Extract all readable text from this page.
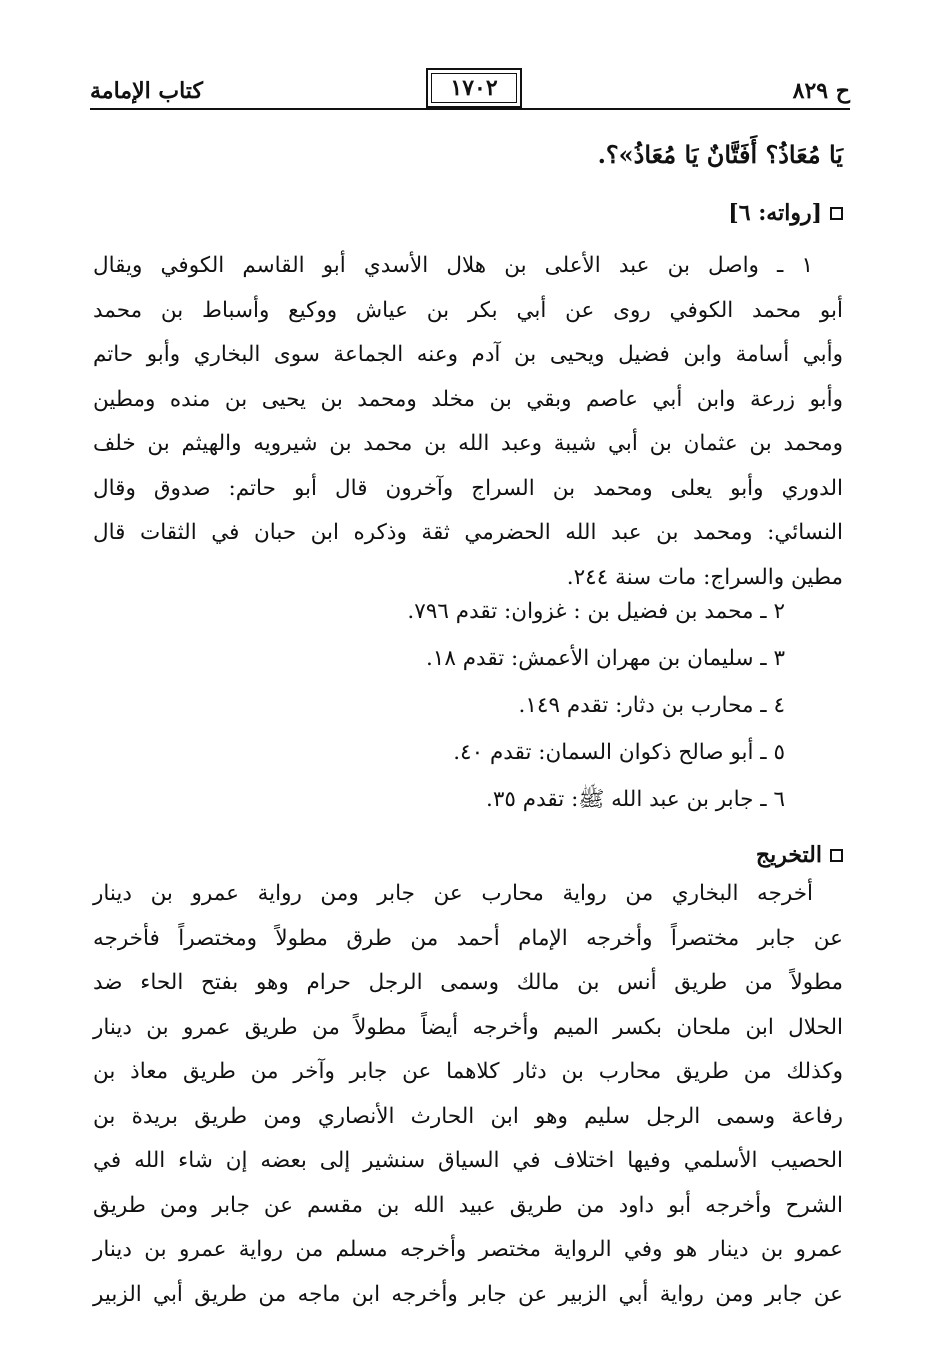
ح ٨٢٩
١٧٠٢
كتاب الإمامة
يَا مُعَاذُ؟ أَفَتَّانٌ يَا مُعَاذُ»؟.
[رواته: ٦]
١ ـ واصل بن عبد الأعلى بن هلال الأسدي أبو القاسم الكوفي ويقال
أبو محمد الكوفي روى عن أبي بكر بن عياش ووكيع وأسباط بن محمد
وأبي أسامة وابن فضيل ويحيى بن آدم وعنه الجماعة سوى البخاري وأبو حاتم
وأبو زرعة وابن أبي عاصم وبقي بن مخلد ومحمد بن يحيى بن منده ومطين
ومحمد بن عثمان بن أبي شيبة وعبد الله بن محمد بن شيرويه والهيثم بن خلف
الدوري وأبو يعلى ومحمد بن السراج وآخرون قال أبو حاتم: صدوق وقال
النسائي: ومحمد بن عبد الله الحضرمي ثقة وذكره ابن حبان في الثقات قال
مطين والسراج: مات سنة ٢٤٤.
٢ ـ محمد بن فضيل بن : غزوان: تقدم ٧٩٦.
٣ ـ سليمان بن مهران الأعمش: تقدم ١٨.
٤ ـ محارب بن دثار: تقدم ١٤٩.
٥ ـ أبو صالح ذكوان السمان: تقدم ٤٠.
٦ ـ جابر بن عبد الله ﷺ: تقدم ٣٥.
التخريج
أخرجه البخاري من رواية محارب عن جابر ومن رواية عمرو بن دينار
عن جابر مختصراً وأخرجه الإمام أحمد من طرق مطولاً ومختصراً فأخرجه
مطولاً من طريق أنس بن مالك وسمى الرجل حرام وهو بفتح الحاء ضد
الحلال ابن ملحان بكسر الميم وأخرجه أيضاً مطولاً من طريق عمرو بن دينار
وكذلك من طريق محارب بن دثار كلاهما عن جابر وآخر من طريق معاذ بن
رفاعة وسمى الرجل سليم وهو ابن الحارث الأنصاري ومن طريق بريدة بن
الحصيب الأسلمي وفيها اختلاف في السياق سنشير إلى بعضه إن شاء الله في
الشرح وأخرجه أبو داود من طريق عبيد الله بن مقسم عن جابر ومن طريق
عمرو بن دينار هو وفي الرواية مختصر وأخرجه مسلم من رواية عمرو بن دينار
عن جابر ومن رواية أبي الزبير عن جابر وأخرجه ابن ماجه من طريق أبي الزبير
